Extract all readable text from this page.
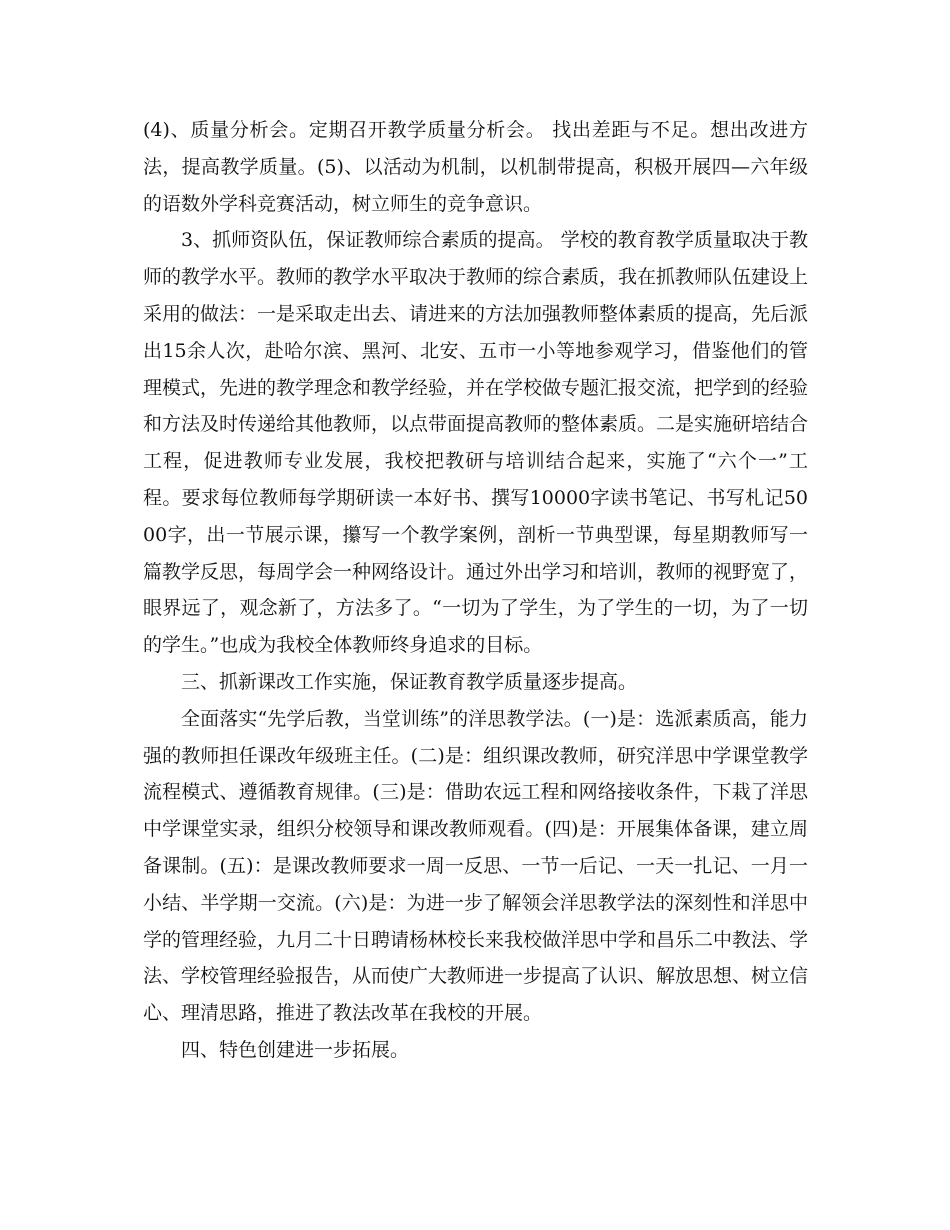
(4)、质量分析会。定期召开教学质量分析会。 找出差距与不足。想出改进方法，提高教学质量。(5)、以活动为机制，以机制带提高，积极开展四—六年级的语数外学科竞赛活动，树立师生的竞争意识。

3、抓师资队伍，保证教师综合素质的提高。 学校的教育教学质量取决于教师的教学水平。教师的教学水平取决于教师的综合素质，我在抓教师队伍建设上采用的做法：一是采取走出去、请进来的方法加强教师整体素质的提高，先后派出15余人次，赴哈尔滨、黑河、北安、五市一小等地参观学习，借鉴他们的管理模式，先进的教学理念和教学经验，并在学校做专题汇报交流，把学到的经验和方法及时传递给其他教师，以点带面提高教师的整体素质。二是实施研培结合工程，促进教师专业发展，我校把教研与培训结合起来，实施了“六个一”工程。要求每位教师每学期研读一本好书、撰写10000字读书笔记、书写札记5000字，出一节展示课，攥写一个教学案例，剖析一节典型课，每星期教师写一篇教学反思，每周学会一种网络设计。通过外出学习和培训，教师的视野宽了，眼界远了，观念新了，方法多了。“一切为了学生，为了学生的一切，为了一切的学生。”也成为我校全体教师终身追求的目标。

三、抓新课改工作实施，保证教育教学质量逐步提高。

全面落实“先学后教，当堂训练”的洋思教学法。(一)是：选派素质高，能力强的教师担任课改年级班主任。(二)是：组织课改教师，研究洋思中学课堂教学流程模式、遵循教育规律。(三)是：借助农远工程和网络接收条件，下栽了洋思中学课堂实录，组织分校领导和课改教师观看。(四)是：开展集体备课，建立周备课制。(五)：是课改教师要求一周一反思、一节一后记、一天一扎记、一月一小结、半学期一交流。(六)是：为进一步了解领会洋思教学法的深刻性和洋思中学的管理经验，九月二十日聘请杨林校长来我校做洋思中学和昌乐二中教法、学法、学校管理经验报告，从而使广大教师进一步提高了认识、解放思想、树立信心、理清思路，推进了教法改革在我校的开展。

四、特色创建进一步拓展。
